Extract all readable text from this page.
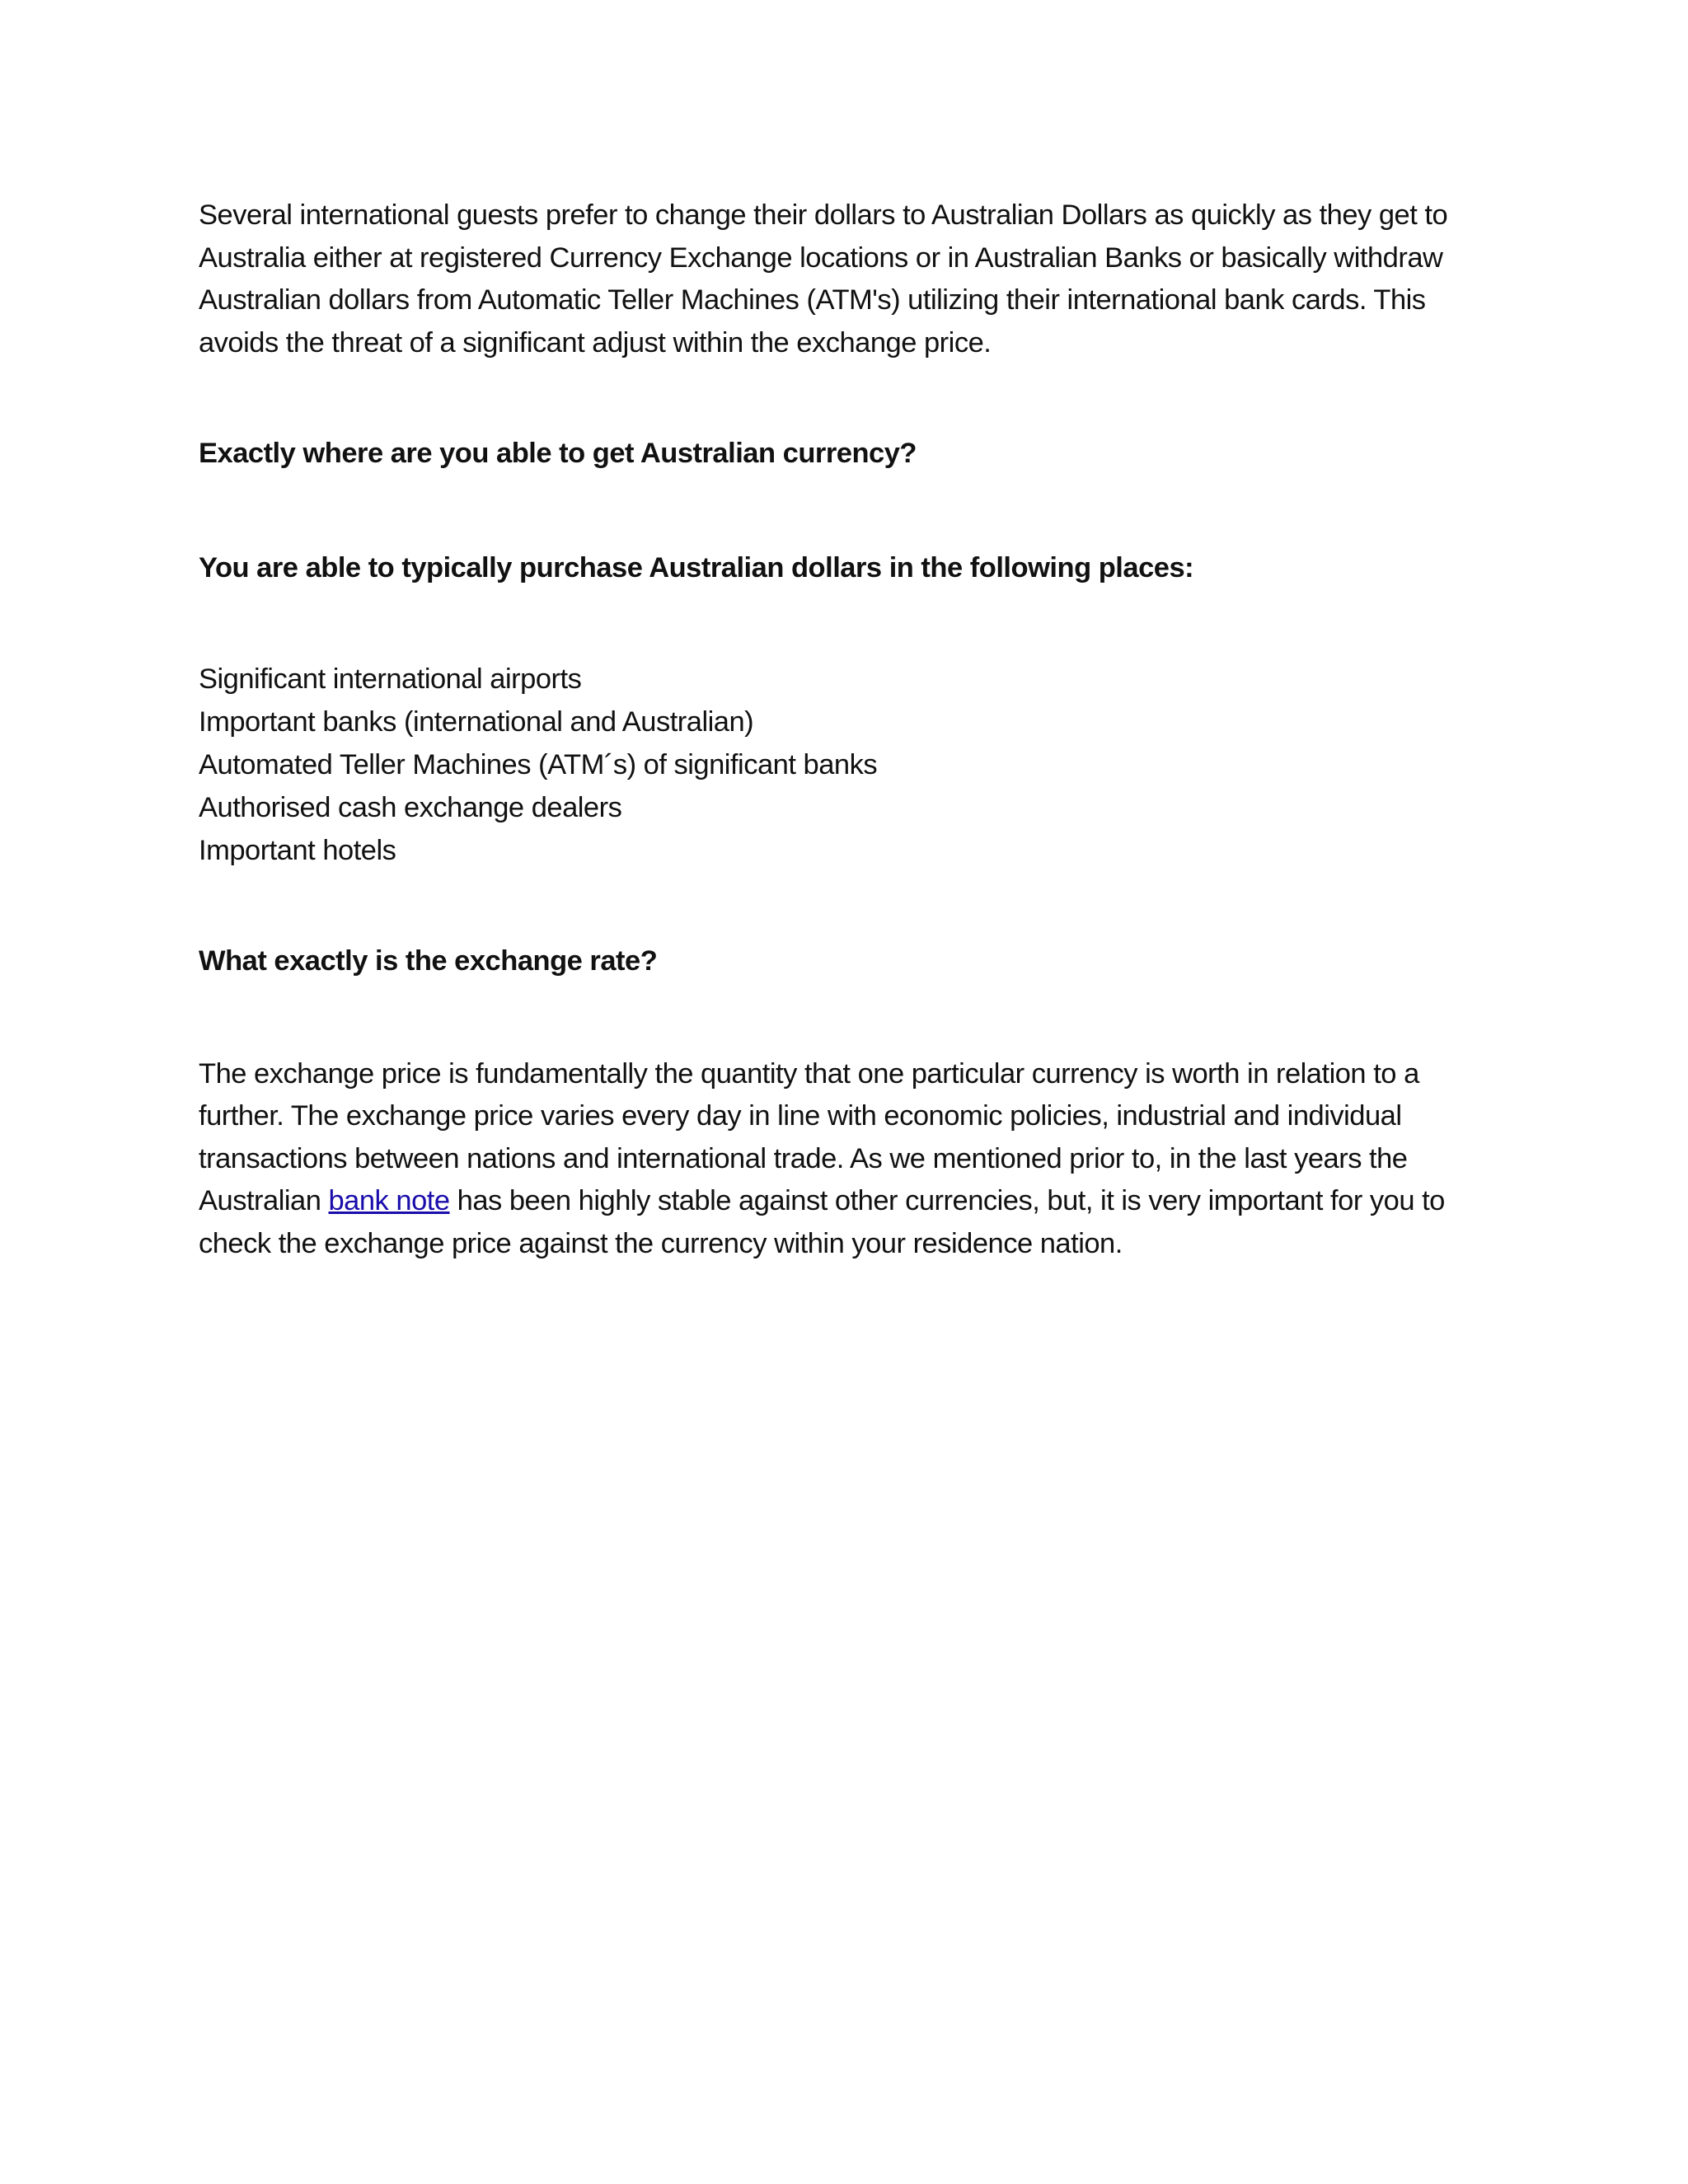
Several international guests prefer to change their dollars to Australian Dollars as quickly as they get to Australia either at registered Currency Exchange locations or in Australian Banks or basically withdraw Australian dollars from Automatic Teller Machines (ATM's) utilizing their international bank cards. This avoids the threat of a significant adjust within the exchange price.

Exactly where are you able to get Australian currency?

You are able to typically purchase Australian dollars in the following places:

Significant international airports
Important banks (international and Australian)
Automated Teller Machines (ATM´s) of significant banks
Authorised cash exchange dealers
Important hotels

What exactly is the exchange rate?

The exchange price is fundamentally the quantity that one particular currency is worth in relation to a further. The exchange price varies every day in line with economic policies, industrial and individual transactions between nations and international trade. As we mentioned prior to, in the last years the Australian bank note has been highly stable against other currencies, but, it is very important for you to check the exchange price against the currency within your residence nation.
